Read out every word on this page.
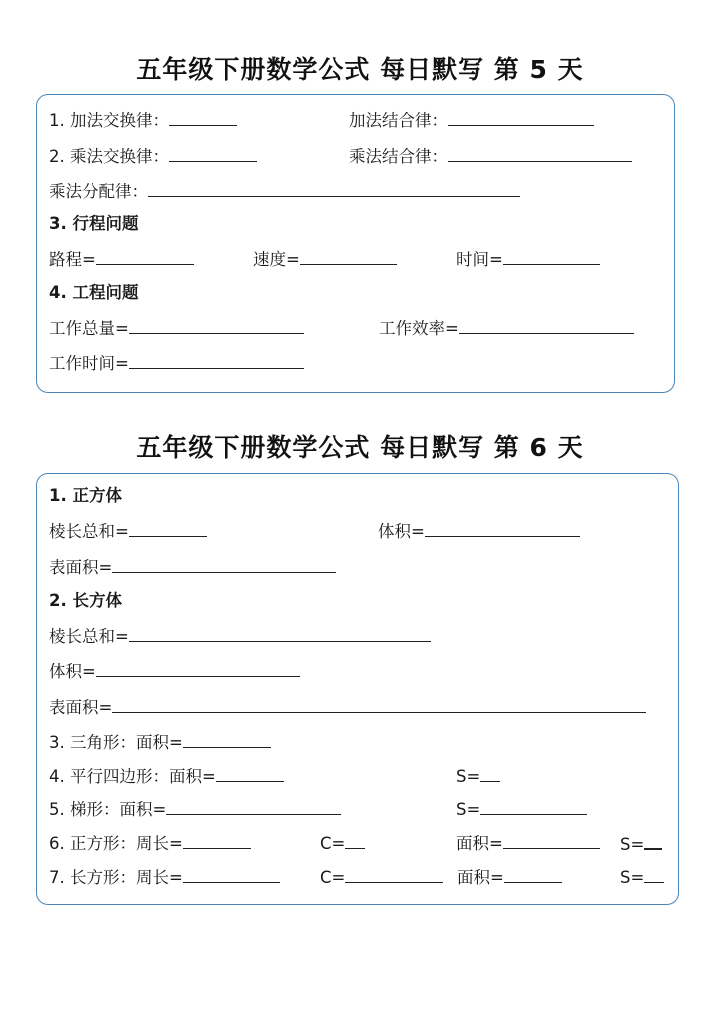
五年级下册数学公式 每日默写 第 5 天
1. 加法交换律：	加法结合律：
2. 乘法交换律：	乘法结合律：
乘法分配律：
3. 行程问题
路程=	速度=	时间=
4. 工程问题
工作总量=	工作效率=
工作时间=
五年级下册数学公式 每日默写 第 6 天
1. 正方体
棱长总和=	体积=
表面积=
2. 长方体
棱长总和=
体积=
表面积=
3. 三角形：面积=
4. 平行四边形：面积=	S=
5. 梯形：面积=	S=
6. 正方形：周长=	C=	面积=	S=
7. 长方形：周长=	C=	面积=	S=
